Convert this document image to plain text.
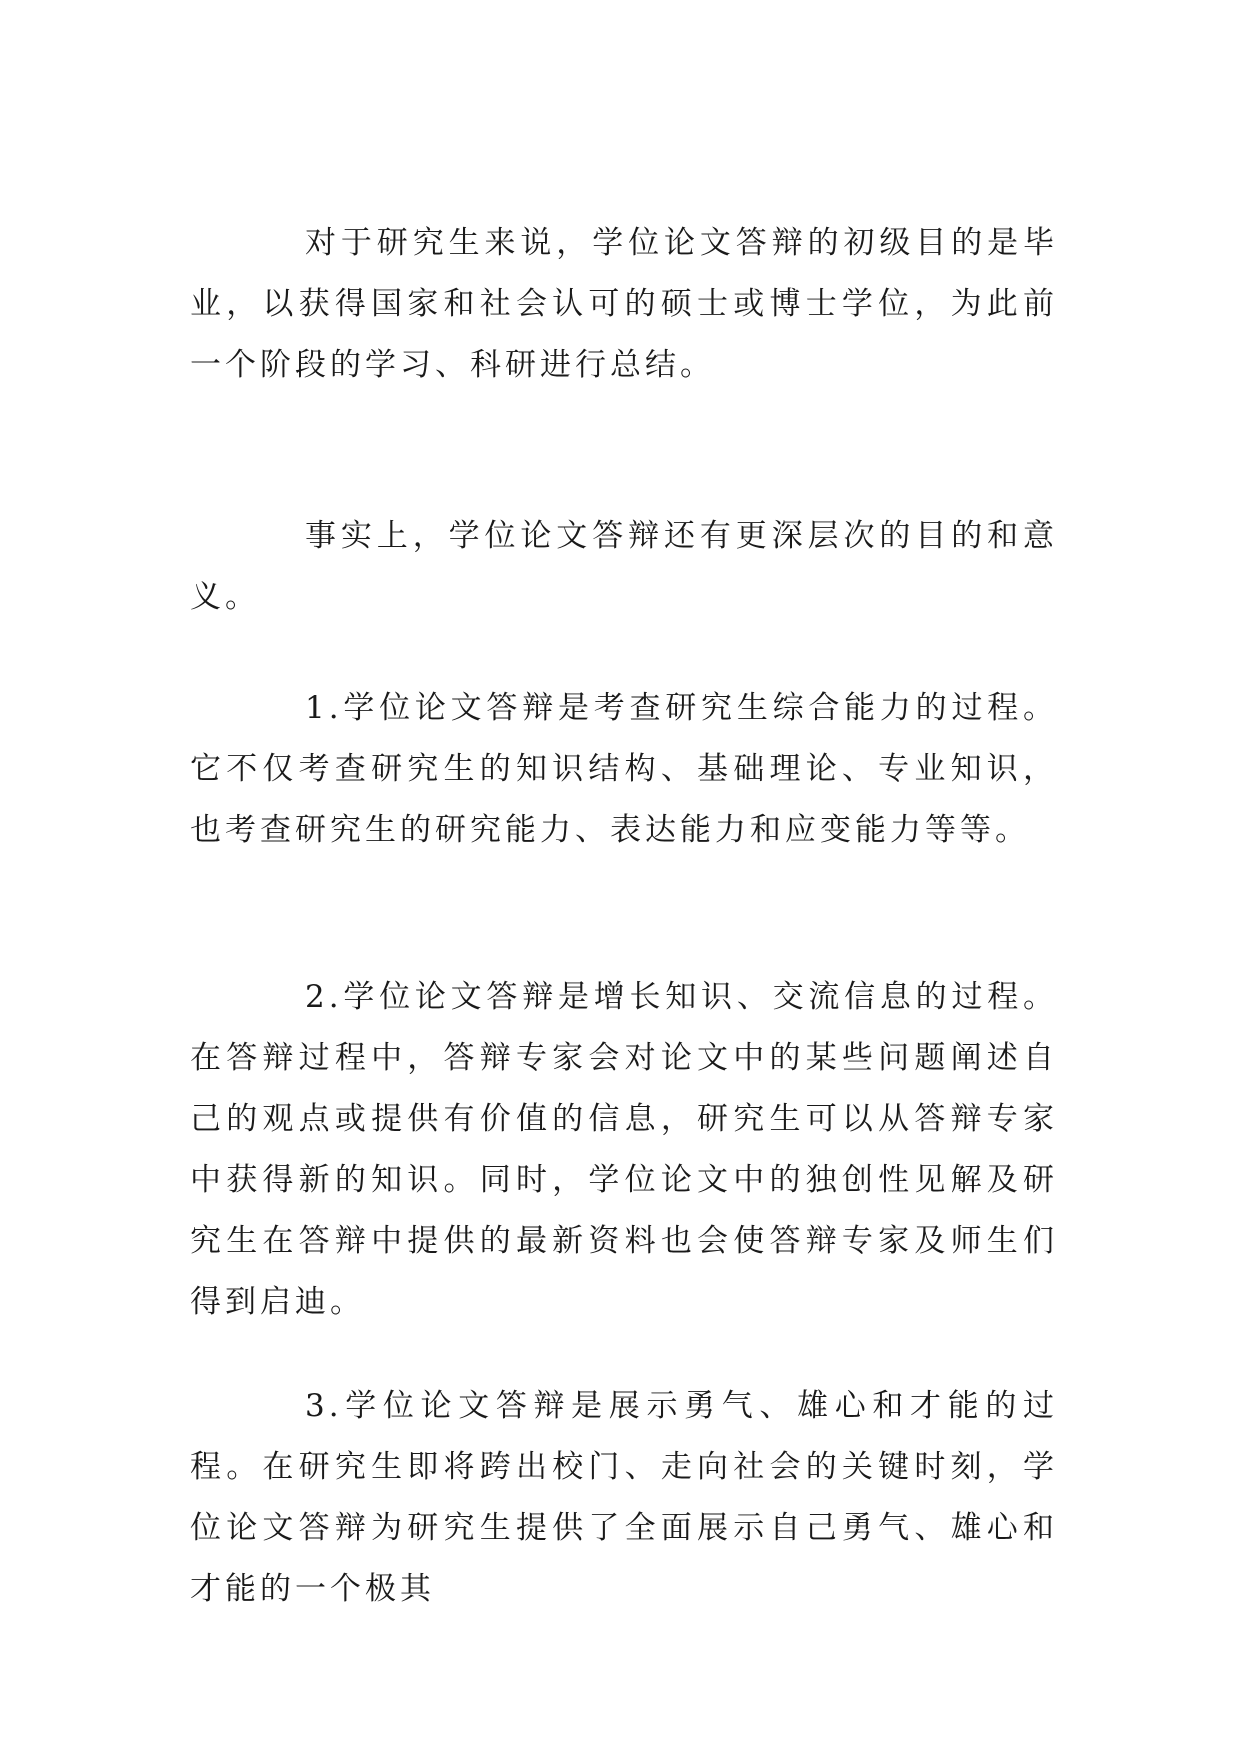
对于研究生来说，学位论文答辩的初级目的是毕业，以获得国家和社会认可的硕士或博士学位，为此前一个阶段的学习、科研进行总结。

事实上，学位论文答辩还有更深层次的目的和意义。

1.学位论文答辩是考查研究生综合能力的过程。它不仅考查研究生的知识结构、基础理论、专业知识，也考查研究生的研究能力、表达能力和应变能力等等。

2.学位论文答辩是增长知识、交流信息的过程。在答辩过程中，答辩专家会对论文中的某些问题阐述自己的观点或提供有价值的信息，研究生可以从答辩专家中获得新的知识。同时，学位论文中的独创性见解及研究生在答辩中提供的最新资料也会使答辩专家及师生们得到启迪。

3.学位论文答辩是展示勇气、雄心和才能的过程。在研究生即将跨出校门、走向社会的关键时刻，学位论文答辩为研究生提供了全面展示自己勇气、雄心和才能的一个极其
